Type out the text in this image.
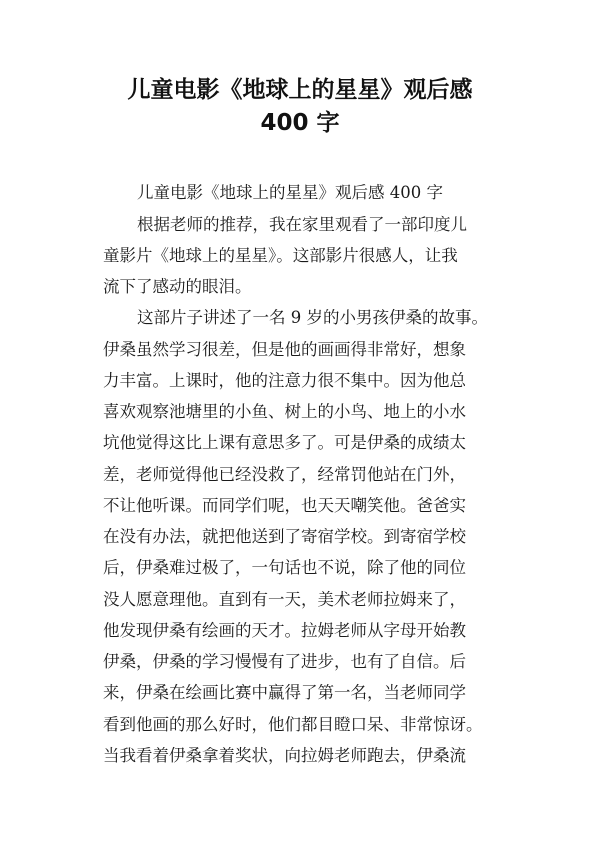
儿童电影《地球上的星星》观后感
400 字

儿童电影《地球上的星星》观后感 400 字

根据老师的推荐，我在家里观看了一部印度儿

童影片《地球上的星星》。这部影片很感人，让我

流下了感动的眼泪。

这部片子讲述了一名 9 岁的小男孩伊桑的故事。

伊桑虽然学习很差，但是他的画画得非常好，想象

力丰富。上课时，他的注意力很不集中。因为他总

喜欢观察池塘里的小鱼、树上的小鸟、地上的小水

坑他觉得这比上课有意思多了。可是伊桑的成绩太

差，老师觉得他已经没救了，经常罚他站在门外，

不让他听课。而同学们呢，也天天嘲笑他。爸爸实

在没有办法，就把他送到了寄宿学校。到寄宿学校

后，伊桑难过极了，一句话也不说，除了他的同位

没人愿意理他。直到有一天，美术老师拉姆来了，

他发现伊桑有绘画的天才。拉姆老师从字母开始教

伊桑，伊桑的学习慢慢有了进步，也有了自信。后

来，伊桑在绘画比赛中赢得了第一名，当老师同学

看到他画的那么好时，他们都目瞪口呆、非常惊讶。

当我看着伊桑拿着奖状，向拉姆老师跑去，伊桑流
